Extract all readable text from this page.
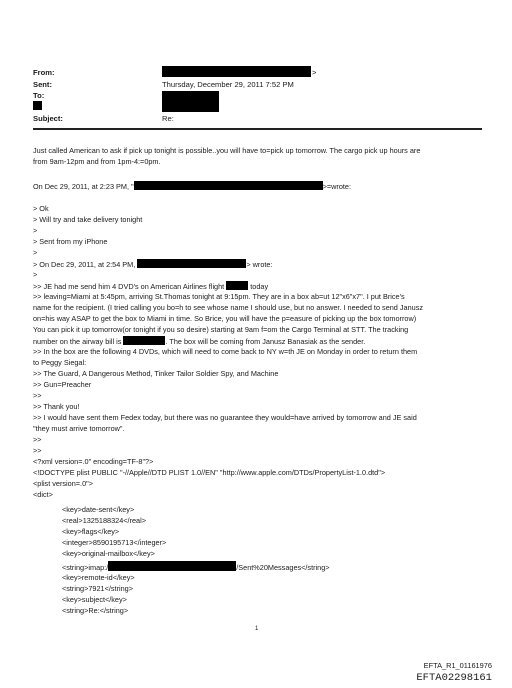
From:	>
Sent:	Thursday, December 29, 2011 7:52 PM
To:
Subject:	Re:
Just called American to ask if pick up tonight is possible..you will have to=pick up tomorrow. The cargo pick up hours are
from 9am-12pm and from 1pm-4:=0pm.
On Dec 29, 2011, at 2:23 PM, "	>=wrote:
> Ok
> Will try and take delivery tonight
>
> Sent from my iPhone
>
> On Dec 29, 2011, at 2:54 PM,	> wrote:
>
>> JE had me send him 4 DVD's on American Airlines flight	today
>> leaving=Miami at 5:45pm, arriving St.Thomas tonight at 9:15pm. They are in a box ab=ut 12"x6"x7". I put Brice's
name for the recipient. (I tried calling you bo=h to see whose name I should use, but no answer. I needed to send Janusz
on=his way ASAP to get the box to Miami in time. So Brice, you will have the p=easure of picking up the box tomorrow)
You can pick it up tomorrow(or tonight if you so desire) starting at 9am f=om the Cargo Terminal at STT. The tracking
number on the airway bill is	. The box will be coming from Janusz Banasiak as the sender.
>> In the box are the following 4 DVDs, which will need to come back to NY w=th JE on Monday in order to return them
to Peggy Siegal:
>> The Guard, A Dangerous Method, Tinker Tailor Soldier Spy, and Machine
>> Gun=Preacher
>>
>> Thank you!
>> I would have sent them Fedex today, but there was no guarantee they would=have arrived by tomorrow and JE said
"they must arrive tomorrow".
>>
>>
<?xml version=.0" encoding=TF-8"?>
<!DOCTYPE plist PUBLIC "-//Apple//DTD PLIST 1.0//EN" "http://www.apple.com/DTDs/PropertyList-1.0.dtd">
<plist version=.0">
<dict>
<key>date-sent</key>
<real>1325188324</real>
<key>flags</key>
<integer>8590195713</integer>
<key>original-mailbox</key>
<string>imap:/	/Sent%20Messages</string>
<key>remote-id</key>
<string>7921</string>
<key>subject</key>
<string>Re:</string>
1
EFTA_R1_01161976
EFTA02298161
